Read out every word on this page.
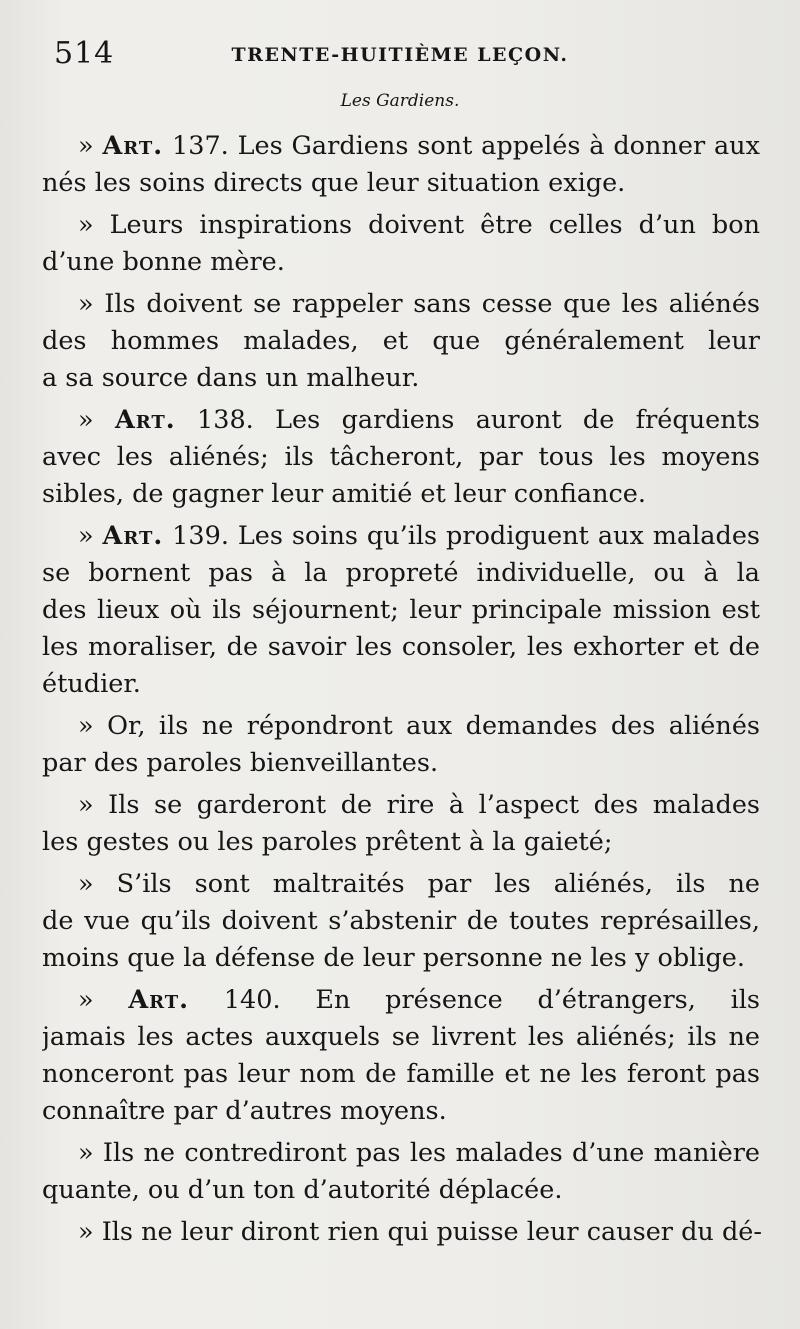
514	TRENTE-HUITIÈME LEÇON.
Les Gardiens.
» Art. 137. Les Gardiens sont appelés à donner aux
nés les soins directs que leur situation exige.
» Leurs inspirations doivent être celles d’un bon
d’une bonne mère.
» Ils doivent se rappeler sans cesse que les aliénés
des hommes malades, et que généralement leur
a sa source dans un malheur.
» Art. 138. Les gardiens auront de fréquents
avec les aliénés; ils tâcheront, par tous les moyens
sibles, de gagner leur amitié et leur confiance.
» Art. 139. Les soins qu’ils prodiguent aux malades
se bornent pas à la propreté individuelle, ou à la
des lieux où ils séjournent; leur principale mission est
les moraliser, de savoir les consoler, les exhorter et de
étudier.
» Or, ils ne répondront aux demandes des aliénés
par des paroles bienveillantes.
» Ils se garderont de rire à l’aspect des malades
les gestes ou les paroles prêtent à la gaieté;
» S’ils sont maltraités par les aliénés, ils ne
de vue qu’ils doivent s’abstenir de toutes représailles,
moins que la défense de leur personne ne les y oblige.
» Art. 140. En présence d’étrangers, ils
jamais les actes auxquels se livrent les aliénés; ils ne
nonceront pas leur nom de famille et ne les feront pas
connaître par d’autres moyens.
» Ils ne contrediront pas les malades d’une manière
quante, ou d’un ton d’autorité déplacée.
» Ils ne leur diront rien qui puisse leur causer du dé-
